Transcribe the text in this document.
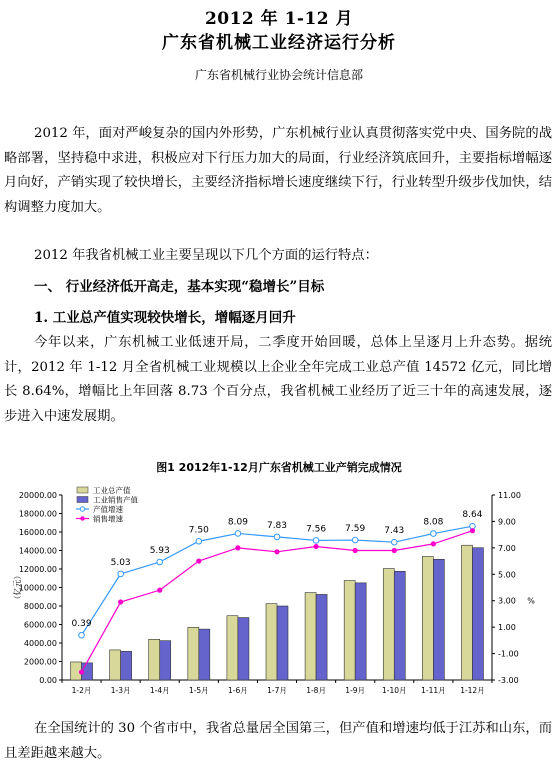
2012 年 1-12 月
广东省机械工业经济运行分析
广东省机械行业协会统计信息部
2012 年，面对严峻复杂的国内外形势，广东机械行业认真贯彻落实党中央、国务院的战略部署，坚持稳中求进，积极应对下行压力加大的局面，行业经济筑底回升，主要指标增幅逐月向好，产销实现了较快增长，主要经济指标增长速度继续下行，行业转型升级步伐加快，结构调整力度加大。
2012 年我省机械工业主要呈现以下几个方面的运行特点：
一、 行业经济低开高走，基本实现“稳增长”目标
1. 工业总产值实现较快增长，增幅逐月回升
今年以来，广东机械工业低速开局，二季度开始回暖，总体上呈逐月上升态势。据统计，2012 年 1-12 月全省机械工业规模以上企业全年完成工业总产值 14572 亿元，同比增长 8.64%，增幅比上年回落 8.73 个百分点，我省机械工业经历了近三十年的高速发展，逐步进入中速发展期。
图1 2012年1-12月广东省机械工业产销完成情况
0.00
2000.00
4000.00
6000.00
8000.00
10000.00
12000.00
14000.00
16000.00
18000.00
20000.00
-3.00
-1.00
1.00
3.00
5.00
7.00
9.00
11.00
（亿元）	%
1-2月	1-3月	1-4月	1-5月	1-6月	1-7月	1-8月	1-9月 1-10月 1-11月 1-12月
0.39
5.03
5.93
7.50
8.09 7.83 7.56 7.59 7.43
8.08
8.64
工业总产值
工业销售产值
产值增速
销售增速
在全国统计的 30 个省市中，我省总量居全国第三，但产值和增速均低于江苏和山东，而且差距越来越大。
